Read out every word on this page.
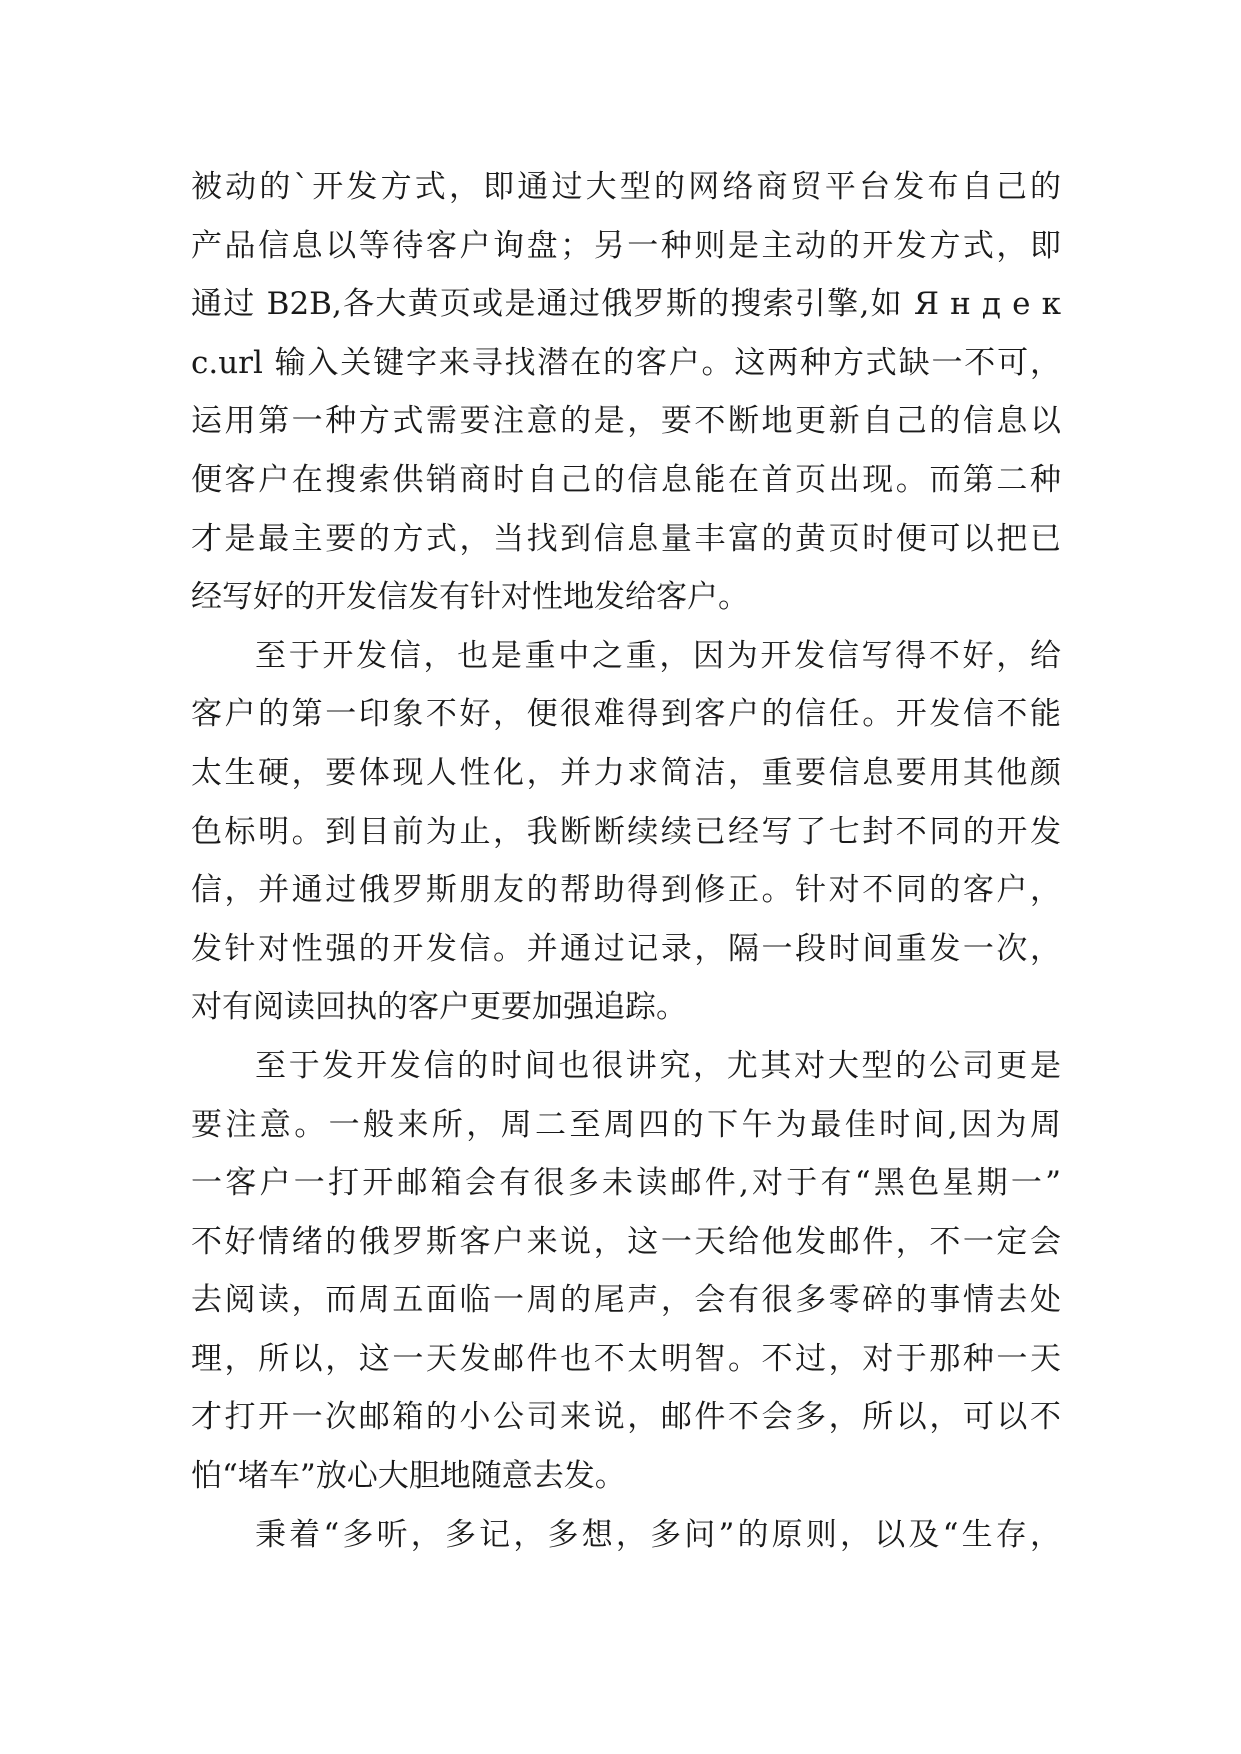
被动的`开发方式，即通过大型的网络商贸平台发布自己的
产品信息以等待客户询盘；另一种则是主动的开发方式，即
通过 B2B,各大黄页或是通过俄罗斯的搜索引擎,如 Я н д е к
с.url 输入关键字来寻找潜在的客户。这两种方式缺一不可，
运用第一种方式需要注意的是，要不断地更新自己的信息以
便客户在搜索供销商时自己的信息能在首页出现。而第二种
才是最主要的方式，当找到信息量丰富的黄页时便可以把已
经写好的开发信发有针对性地发给客户。
至于开发信，也是重中之重，因为开发信写得不好，给
客户的第一印象不好，便很难得到客户的信任。开发信不能
太生硬，要体现人性化，并力求简洁，重要信息要用其他颜
色标明。到目前为止，我断断续续已经写了七封不同的开发
信，并通过俄罗斯朋友的帮助得到修正。针对不同的客户，
发针对性强的开发信。并通过记录，隔一段时间重发一次，
对有阅读回执的客户更要加强追踪。
至于发开发信的时间也很讲究，尤其对大型的公司更是
要注意。一般来所，周二至周四的下午为最佳时间,因为周
一客户一打开邮箱会有很多未读邮件,对于有“黑色星期一”
不好情绪的俄罗斯客户来说，这一天给他发邮件，不一定会
去阅读，而周五面临一周的尾声，会有很多零碎的事情去处
理，所以，这一天发邮件也不太明智。不过，对于那种一天
才打开一次邮箱的小公司来说，邮件不会多，所以，可以不
怕“堵车”放心大胆地随意去发。
秉着“多听，多记，多想，多问”的原则，以及“生存，
